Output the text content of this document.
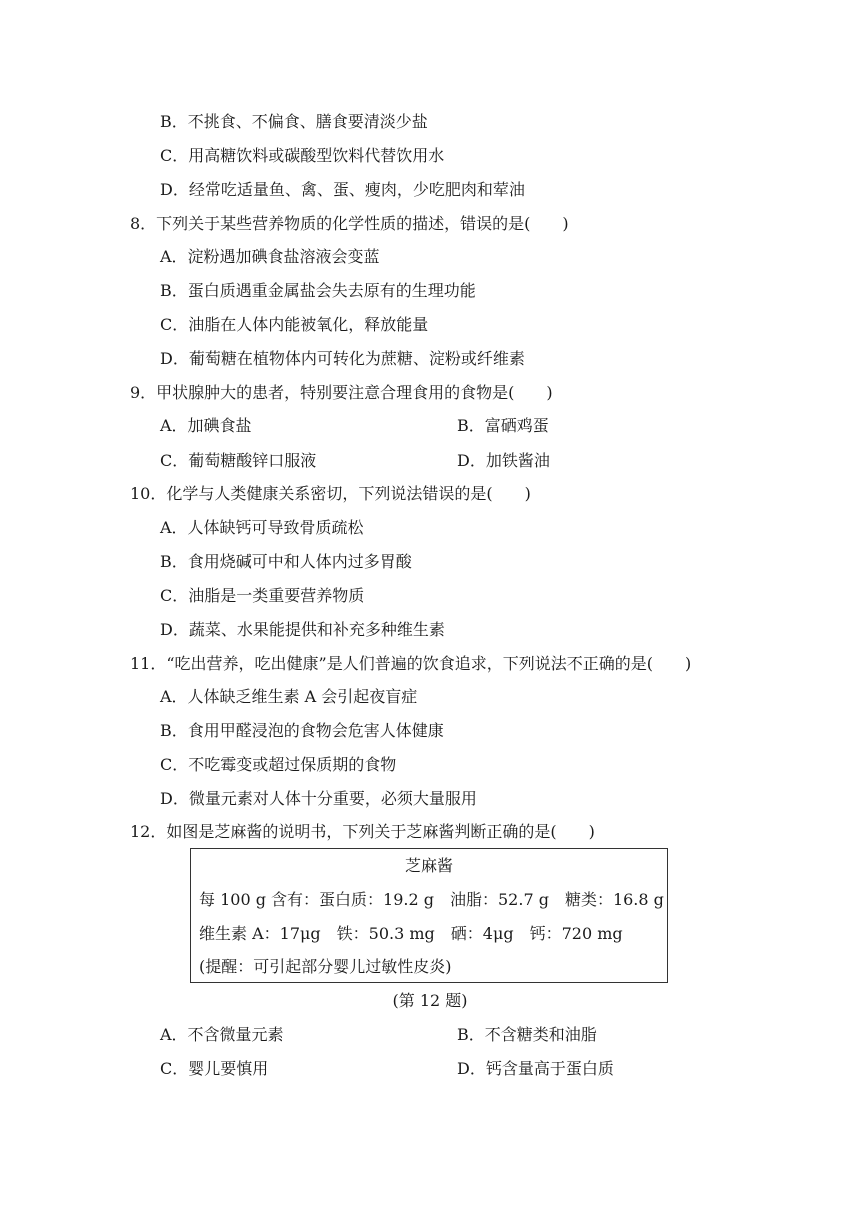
B．不挑食、不偏食、膳食要清淡少盐
C．用高糖饮料或碳酸型饮料代替饮用水
D．经常吃适量鱼、禽、蛋、瘦肉，少吃肥肉和荤油
8．下列关于某些营养物质的化学性质的描述，错误的是(　　)
A．淀粉遇加碘食盐溶液会变蓝
B．蛋白质遇重金属盐会失去原有的生理功能
C．油脂在人体内能被氧化，释放能量
D．葡萄糖在植物体内可转化为蔗糖、淀粉或纤维素
9．甲状腺肿大的患者，特别要注意合理食用的食物是(　　)
A．加碘食盐	B．富硒鸡蛋
C．葡萄糖酸锌口服液	D．加铁酱油
10．化学与人类健康关系密切，下列说法错误的是(　　)
A．人体缺钙可导致骨质疏松
B．食用烧碱可中和人体内过多胃酸
C．油脂是一类重要营养物质
D．蔬菜、水果能提供和补充多种维生素
11．“吃出营养，吃出健康”是人们普遍的饮食追求，下列说法不正确的是(　　)
A．人体缺乏维生素 A 会引起夜盲症
B．食用甲醛浸泡的食物会危害人体健康
C．不吃霉变或超过保质期的食物
D．微量元素对人体十分重要，必须大量服用
12．如图是芝麻酱的说明书，下列关于芝麻酱判断正确的是(　　)
芝麻酱
每 100 g 含有：蛋白质：19.2 g　油脂：52.7 g　糖类：16.8 g
维生素 A：17μg　铁：50.3 mg　硒：4μg　钙：720 mg
(提醒：可引起部分婴儿过敏性皮炎)
(第 12 题)
A．不含微量元素	B．不含糖类和油脂
C．婴儿要慎用	D．钙含量高于蛋白质
